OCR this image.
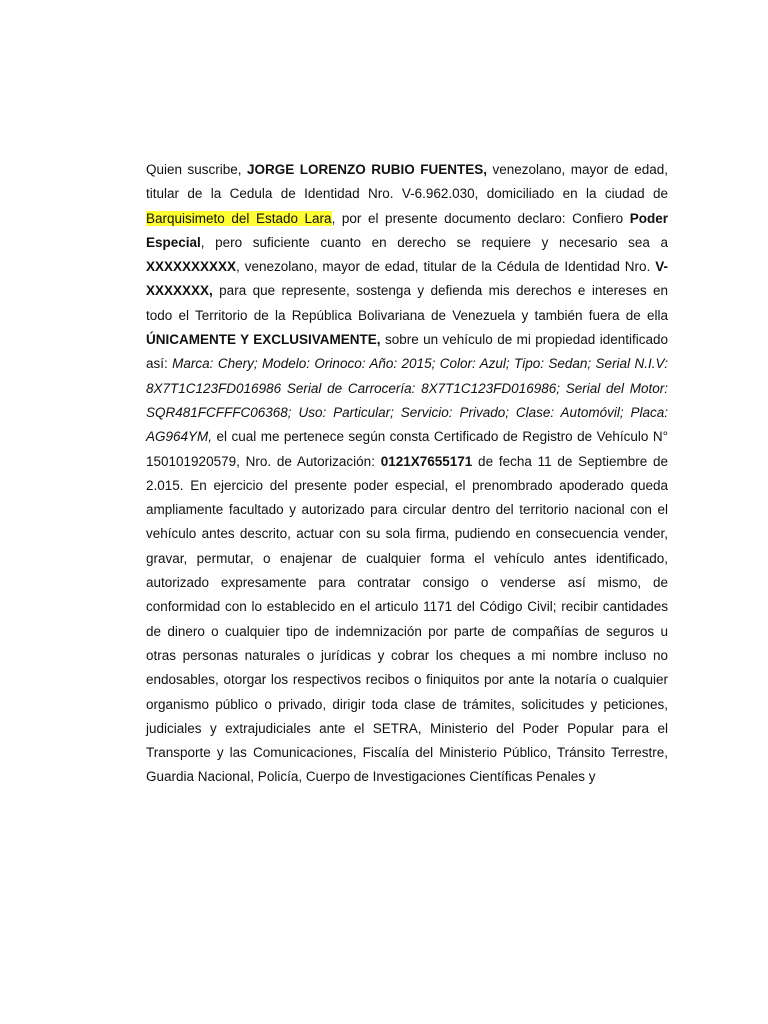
Quien suscribe, JORGE LORENZO RUBIO FUENTES, venezolano, mayor de edad, titular de la Cedula de Identidad Nro. V-6.962.030, domiciliado en la ciudad de Barquisimeto del Estado Lara, por el presente documento declaro: Confiero Poder Especial, pero suficiente cuanto en derecho se requiere y necesario sea a XXXXXXXXXX, venezolano, mayor de edad, titular de la Cédula de Identidad Nro. V-XXXXXXX, para que represente, sostenga y defienda mis derechos e intereses en todo el Territorio de la República Bolivariana de Venezuela y también fuera de ella ÚNICAMENTE Y EXCLUSIVAMENTE, sobre un vehículo de mi propiedad identificado así: Marca: Chery; Modelo: Orinoco: Año: 2015; Color: Azul; Tipo: Sedan; Serial N.I.V: 8X7T1C123FD016986 Serial de Carrocería: 8X7T1C123FD016986; Serial del Motor: SQR481FCFFFC06368; Uso: Particular; Servicio: Privado; Clase: Automóvil; Placa: AG964YM, el cual me pertenece según consta Certificado de Registro de Vehículo N° 150101920579, Nro. de Autorización: 0121X7655171 de fecha 11 de Septiembre de 2.015. En ejercicio del presente poder especial, el prenombrado apoderado queda ampliamente facultado y autorizado para circular dentro del territorio nacional con el vehículo antes descrito, actuar con su sola firma, pudiendo en consecuencia vender, gravar, permutar, o enajenar de cualquier forma el vehículo antes identificado, autorizado expresamente para contratar consigo o venderse así mismo, de conformidad con lo establecido en el articulo 1171 del Código Civil; recibir cantidades de dinero o cualquier tipo de indemnización por parte de compañías de seguros u otras personas naturales o jurídicas y cobrar los cheques a mi nombre incluso no endosables, otorgar los respectivos recibos o finiquitos por ante la notaría o cualquier organismo público o privado, dirigir toda clase de trámites, solicitudes y peticiones, judiciales y extrajudiciales ante el SETRA, Ministerio del Poder Popular para el Transporte y las Comunicaciones, Fiscalía del Ministerio Público, Tránsito Terrestre, Guardia Nacional, Policía, Cuerpo de Investigaciones Científicas Penales y
